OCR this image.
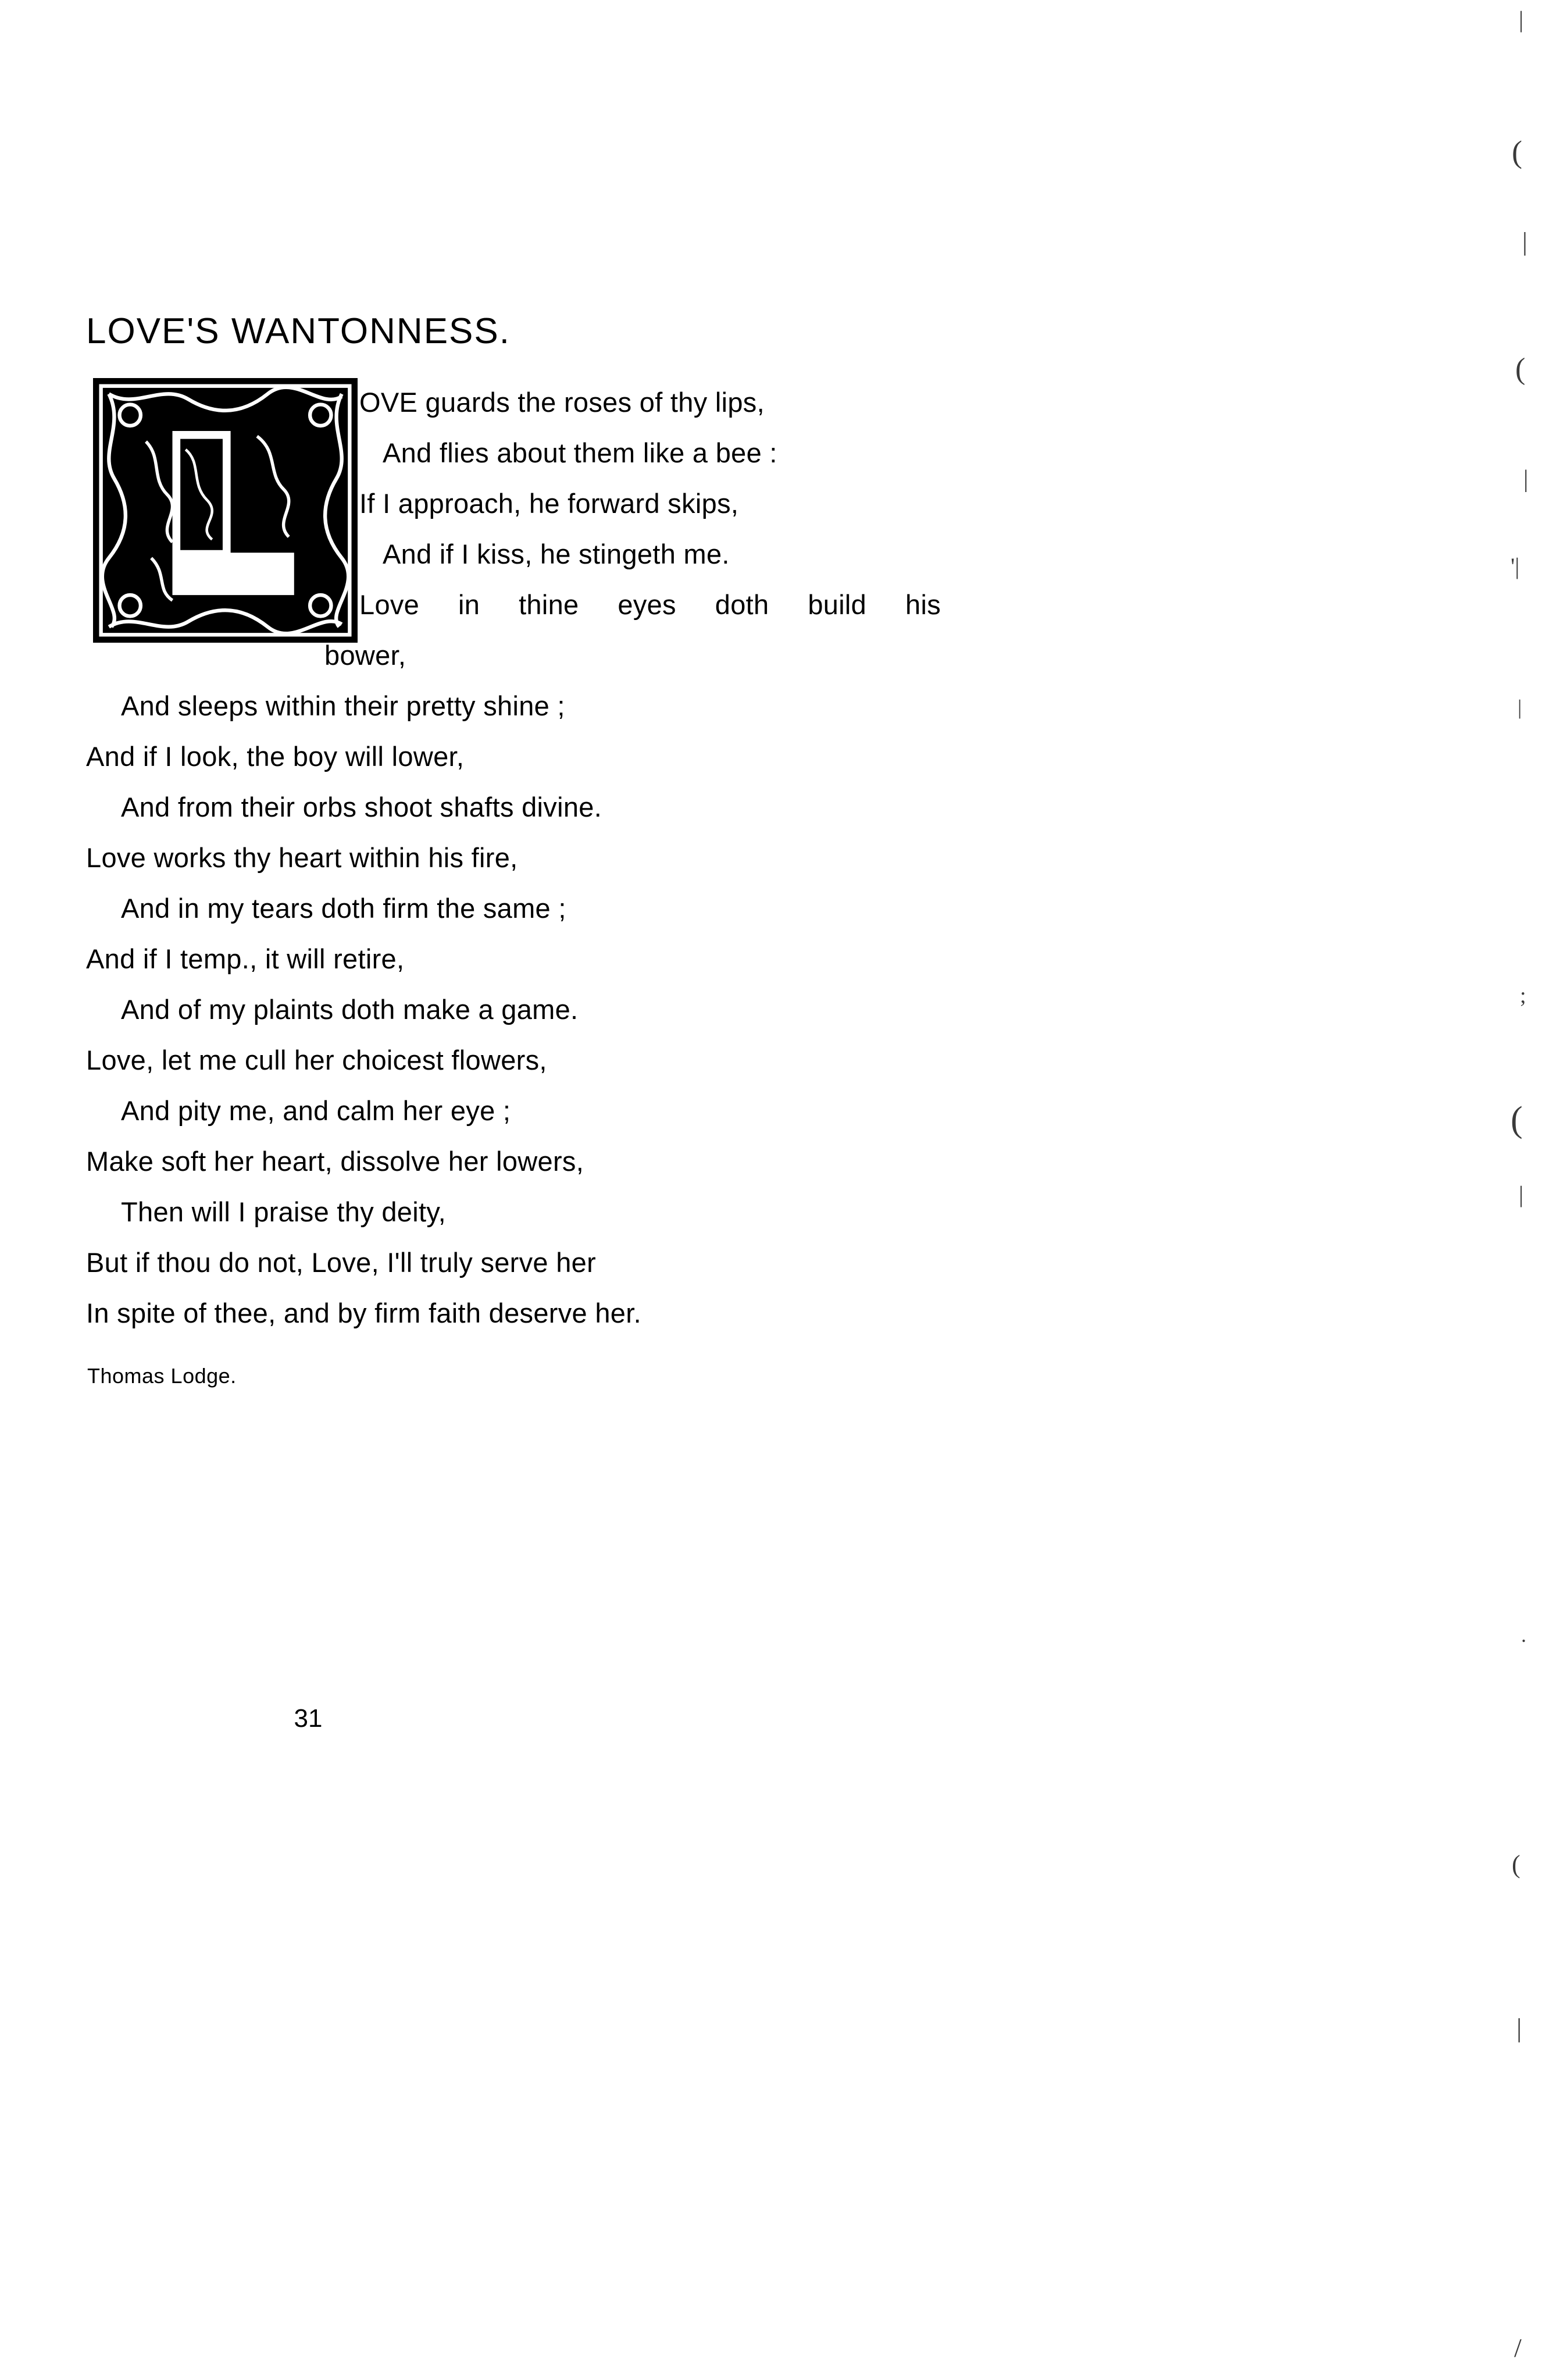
LOVE'S WANTONNESS.
OVE guards the roses of thy lips,
And flies about them like a bee :
If I approach, he forward skips,
And if I kiss, he stingeth me.
Love in thine eyes doth build his
bower,
And sleeps within their pretty shine ;
And if I look, the boy will lower,
And from their orbs shoot shafts divine.
Love works thy heart within his fire,
And in my tears doth firm the same ;
And if I temp., it will retire,
And of my plaints doth make a game.
Love, let me cull her choicest flowers,
And pity me, and calm her eye ;
Make soft her heart, dissolve her lowers,
Then will I praise thy deity,
But if thou do not, Love, I'll truly serve her
In spite of thee, and by firm faith deserve her.
Thomas Lodge.
31
|
(
|
(
|
'|
|
;
(
|
.
(
|
/
